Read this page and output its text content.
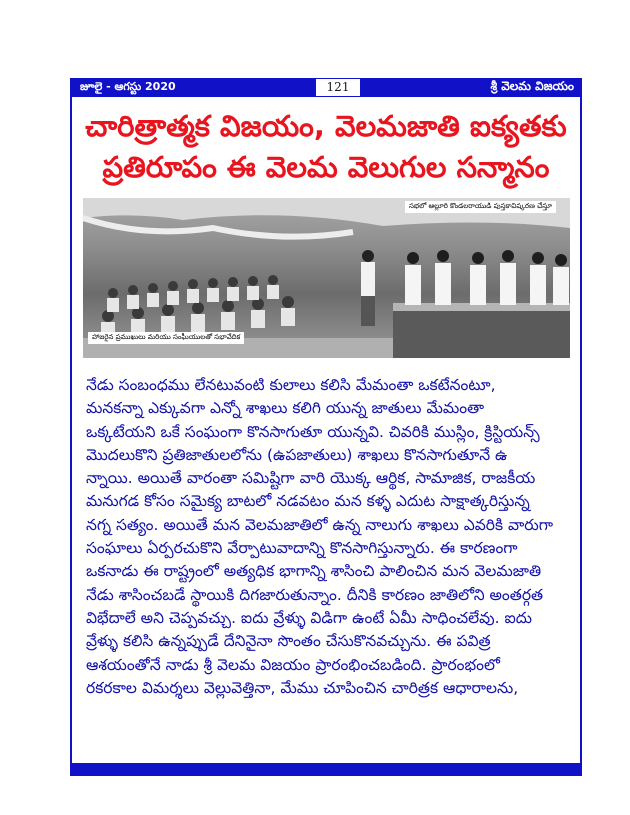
జూలై - ఆగస్టు 2020	121	శ్రీ వెలమ విజయం
చారిత్రాత్మక విజయం, వెలమజాతి ఐక్యతకు
ప్రతిరూపం ఈ వెలమ వెలుగుల సన్మానం
సభలో ఆల్లూరి కొండలరాయుడి పుస్తకావిష్కరణ చేస్తూ
హాజరైన ప్రముఖులు మరియు సంఘీయులతో సభావేదిక
నేడు సంబంధము లేనటువంటి కులాలు కలిసి మేమంతా ఒకటేనంటూ,
మనకన్నా ఎక్కువగా ఎన్నో శాఖలు కలిగి యున్న జాతులు మేమంతా
ఒక్కటేయని ఒకే సంఘంగా కొనసాగుతూ యున్నవి. చివరికి ముస్లిం, క్రిస్టియన్స్
మొదలుకొని ప్రతిజాతులలోను (ఉపజాతులు) శాఖలు కొనసాగుతూనే ఉ
న్నాయి. అయితే వారంతా సమిష్టిగా వారి యొక్క ఆర్థిక, సామాజిక, రాజకీయ
మనుగడ కోసం సమైక్య బాటలో నడవటం మన కళ్ళ ఎదుట సాక్షాత్కరిస్తున్న
నగ్న సత్యం. అయితే మన వెలమజాతిలో ఉన్న నాలుగు శాఖలు ఎవరికి వారుగా
సంఘాలు ఏర్పరచుకొని వేర్పాటువాదాన్ని కొనసాగిస్తున్నారు. ఈ కారణంగా
ఒకనాడు ఈ రాష్ట్రంలో అత్యధిక భాగాన్ని శాసించి పాలించిన మన వెలమజాతి
నేడు శాసించబడే స్థాయికి దిగజారుతున్నాం. దీనికి కారణం జాతిలోని అంతర్గత
విభేదాలే అని చెప్పవచ్చు. ఐదు వ్రేళ్ళు విడిగా ఉంటే ఏమీ సాధించలేవు. ఐదు
వ్రేళ్ళు కలిసి ఉన్నప్పుడే దేనినైనా సొంతం చేసుకొనవచ్చును. ఈ పవిత్ర
ఆశయంతోనే నాడు శ్రీ వెలమ విజయం ప్రారంభించబడింది. ప్రారంభంలో
రకరకాల విమర్శలు వెల్లువెత్తినా, మేము చూపించిన చారిత్రక ఆధారాలను,
